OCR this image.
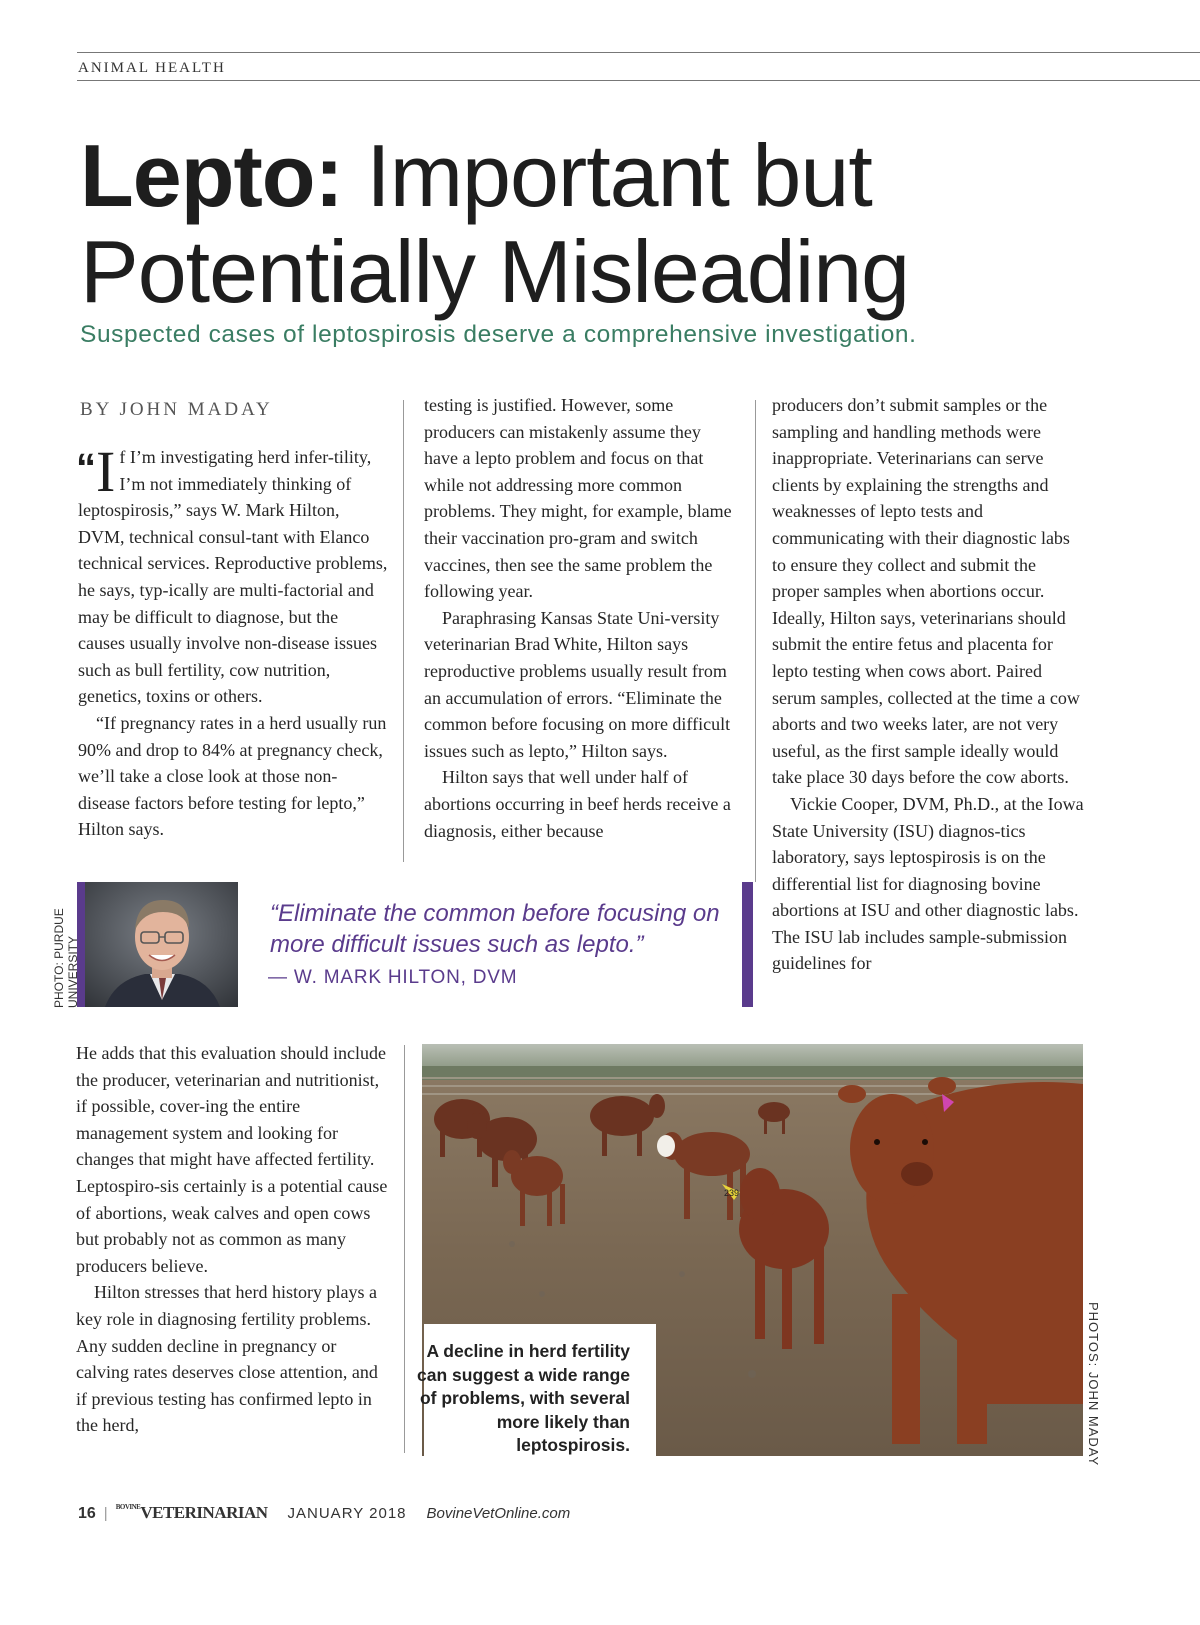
ANIMAL HEALTH
Lepto: Important but
Potentially Misleading
Suspected cases of leptospirosis deserve a comprehensive investigation.
BY JOHN MADAY

“ I f I’m investigating herd infer-tility, I’m not immediately thinking of leptospirosis,” says W. Mark Hilton, DVM, technical consul-tant with Elanco technical services. Reproductive problems, he says, typ-ically are multi-factorial and may be difficult to diagnose, but the causes usually involve non-disease issues such as bull fertility, cow nutrition, genetics, toxins or others.

“If pregnancy rates in a herd usually run 90% and drop to 84% at pregnancy check, we’ll take a close look at those non-disease factors before testing for lepto,” Hilton says.

testing is justified. However, some producers can mistakenly assume they have a lepto problem and focus on that while not addressing more common problems. They might, for example, blame their vaccination pro-gram and switch vaccines, then see the same problem the following year.

Paraphrasing Kansas State Uni-versity veterinarian Brad White, Hilton says reproductive problems usually result from an accumulation of errors. “Eliminate the common before focusing on more difficult issues such as lepto,” Hilton says.

Hilton says that well under half of abortions occurring in beef herds receive a diagnosis, either because

producers don’t submit samples or the sampling and handling methods were inappropriate. Veterinarians can serve clients by explaining the strengths and weaknesses of lepto tests and communicating with their diagnostic labs to ensure they collect and submit the proper samples when abortions occur. Ideally, Hilton says, veterinarians should submit the entire fetus and placenta for lepto testing when cows abort. Paired serum samples, collected at the time a cow aborts and two weeks later, are not very useful, as the first sample ideally would take place 30 days before the cow aborts.

Vickie Cooper, DVM, Ph.D., at the Iowa State University (ISU) diagnos-tics laboratory, says leptospirosis is on the differential list for diagnosing bovine abortions at ISU and other diagnostic labs. The ISU lab includes sample-submission guidelines for

PHOTO: PURDUE UNIVERSITY
“Eliminate the common before focusing on more difficult issues such as lepto.”
— W. MARK HILTON, DVM

He adds that this evaluation should include the producer, veterinarian and nutritionist, if possible, cover-ing the entire management system and looking for changes that might have affected fertility. Leptospiro-sis certainly is a potential cause of abortions, weak calves and open cows but probably not as common as many producers believe.

Hilton stresses that herd history plays a key role in diagnosing fertility problems. Any sudden decline in pregnancy or calving rates deserves close attention, and if previous testing has confirmed lepto in the herd,

239
A decline in herd fertility can suggest a wide range of problems, with several more likely than leptospirosis.	PHOTOS: JOHN MADAY
16 | $^{BOVINE}$VETERINARIAN JANUARY 2018 BovineVetOnline.com
